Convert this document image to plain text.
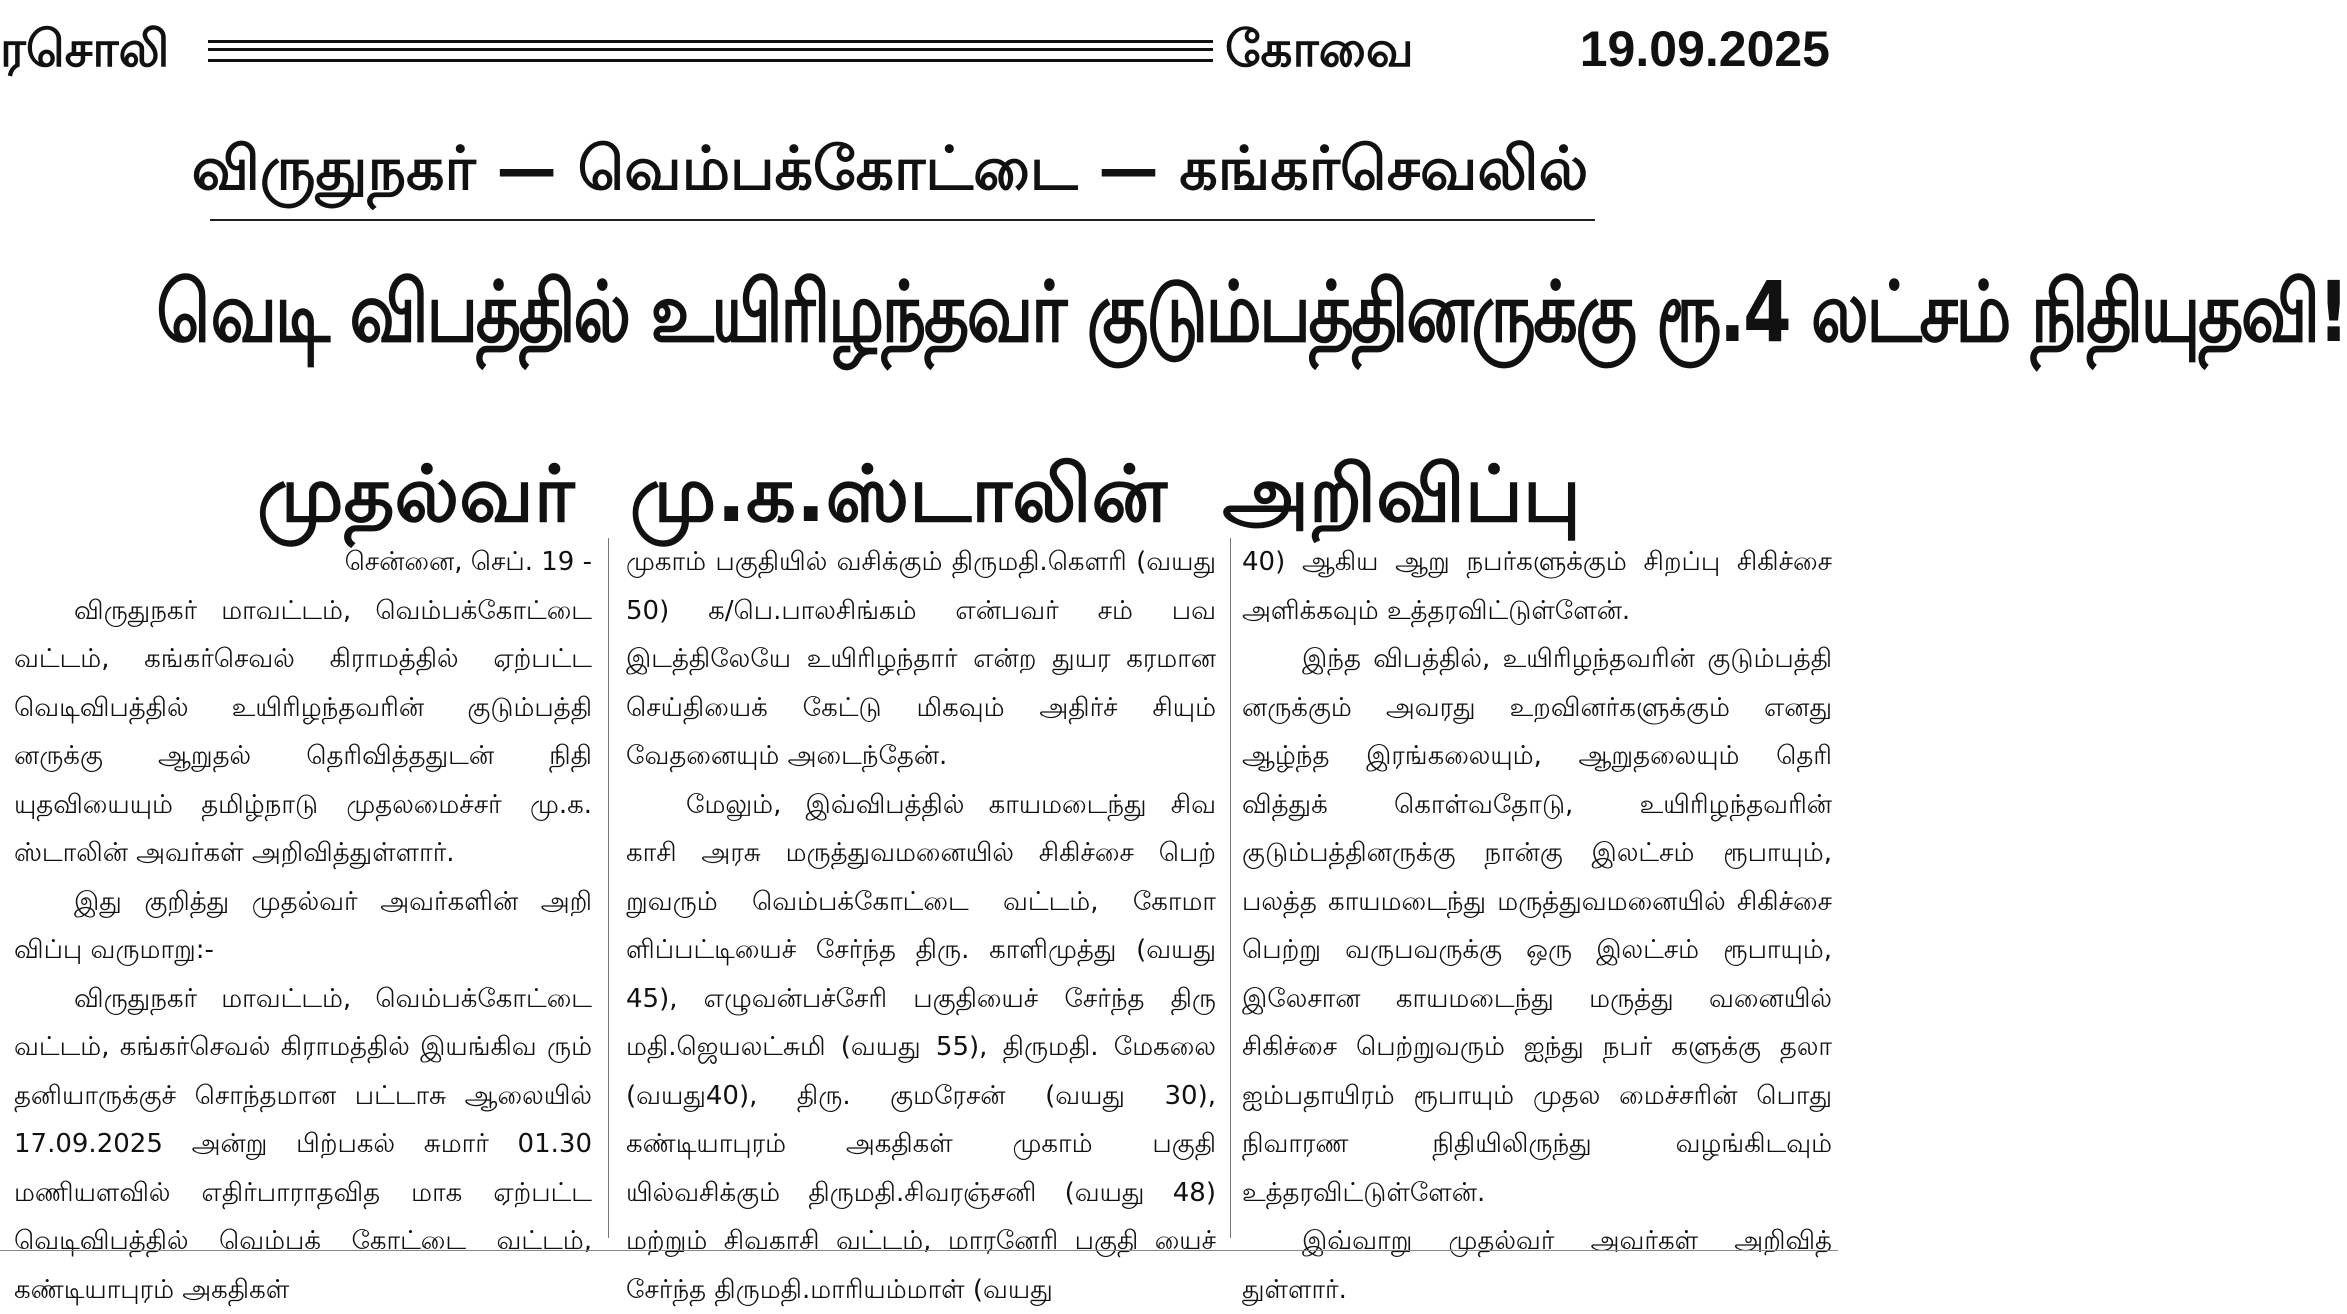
ரசொலி	கோவை	19.09.2025
விருதுநகர் — வெம்பக்கோட்டை — கங்கர்செவலில்
வெடி விபத்தில் உயிரிழந்தவர் குடும்பத்தினருக்கு ரூ.4 லட்சம் நிதியுதவி!
முதல்வர் மு.க.ஸ்டாலின் அறிவிப்பு

சென்னை, செப். 19 -

விருதுநகர் மாவட்டம், வெம்பக்கோட்டை வட்டம், கங்கர்செவல் கிராமத்தில் ஏற்பட்ட வெடிவிபத்தில் உயிரிழந்தவரின் குடும்பத்தி னருக்கு ஆறுதல் தெரிவித்ததுடன் நிதி யுதவியையும் தமிழ்நாடு முதலமைச்சர் மு.க. ஸ்டாலின் அவர்கள் அறிவித்துள்ளார்.

இது குறித்து முதல்வர் அவர்களின் அறி விப்பு வருமாறு:-

விருதுநகர் மாவட்டம், வெம்பக்கோட்டை வட்டம், கங்கர்செவல் கிராமத்தில் இயங்கிவ ரும் தனியாருக்குச் சொந்தமான பட்டாசு ஆலையில் 17.09.2025 அன்று பிற்பகல் சுமார் 01.30 மணியளவில் எதிர்பாராதவித மாக ஏற்பட்ட வெடிவிபத்தில் வெம்பக் கோட்டை வட்டம், கண்டியாபுரம் அகதிகள்

முகாம் பகுதியில் வசிக்கும் திருமதி.கௌரி (வயது 50) க/பெ.பாலசிங்கம் என்பவர் சம் பவ இடத்திலேயே உயிரிழந்தார் என்ற துயர கரமான செய்தியைக் கேட்டு மிகவும் அதிர்ச் சியும் வேதனையும் அடைந்தேன்.

மேலும், இவ்விபத்தில் காயமடைந்து சிவ காசி அரசு மருத்துவமனையில் சிகிச்சை பெற் றுவரும் வெம்பக்கோட்டை வட்டம், கோமா ளிப்பட்டியைச் சேர்ந்த திரு. காளிமுத்து (வயது 45), எழுவன்பச்சேரி பகுதியைச் சேர்ந்த திரு மதி.ஜெயலட்சுமி (வயது 55), திருமதி. மேகலை (வயது40), திரு. குமரேசன் (வயது 30), கண்டியாபுரம் அகதிகள் முகாம் பகுதி யில்வசிக்கும் திருமதி.சிவரஞ்சனி (வயது 48) மற்றும் சிவகாசி வட்டம், மாரனேரி பகுதி யைச் சேர்ந்த திருமதி.மாரியம்மாள் (வயது

40) ஆகிய ஆறு நபர்களுக்கும் சிறப்பு சிகிச்சை அளிக்கவும் உத்தரவிட்டுள்ளேன்.

இந்த விபத்தில், உயிரிழந்தவரின் குடும்பத்தி னருக்கும் அவரது உறவினர்களுக்கும் எனது ஆழ்ந்த இரங்கலையும், ஆறுதலையும் தெரி வித்துக் கொள்வதோடு, உயிரிழந்தவரின் குடும்பத்தினருக்கு நான்கு இலட்சம் ரூபாயும், பலத்த காயமடைந்து மருத்துவமனையில் சிகிச்சை பெற்று வருபவருக்கு ஒரு இலட்சம் ரூபாயும், இலேசான காயமடைந்து மருத்து வனையில் சிகிச்சை பெற்றுவரும் ஐந்து நபர் களுக்கு தலா ஐம்பதாயிரம் ரூபாயும் முதல மைச்சரின் பொது நிவாரண நிதியிலிருந்து வழங்கிடவும் உத்தரவிட்டுள்ளேன்.

இவ்வாறு முதல்வர் அவர்கள் அறிவித் துள்ளார்.
